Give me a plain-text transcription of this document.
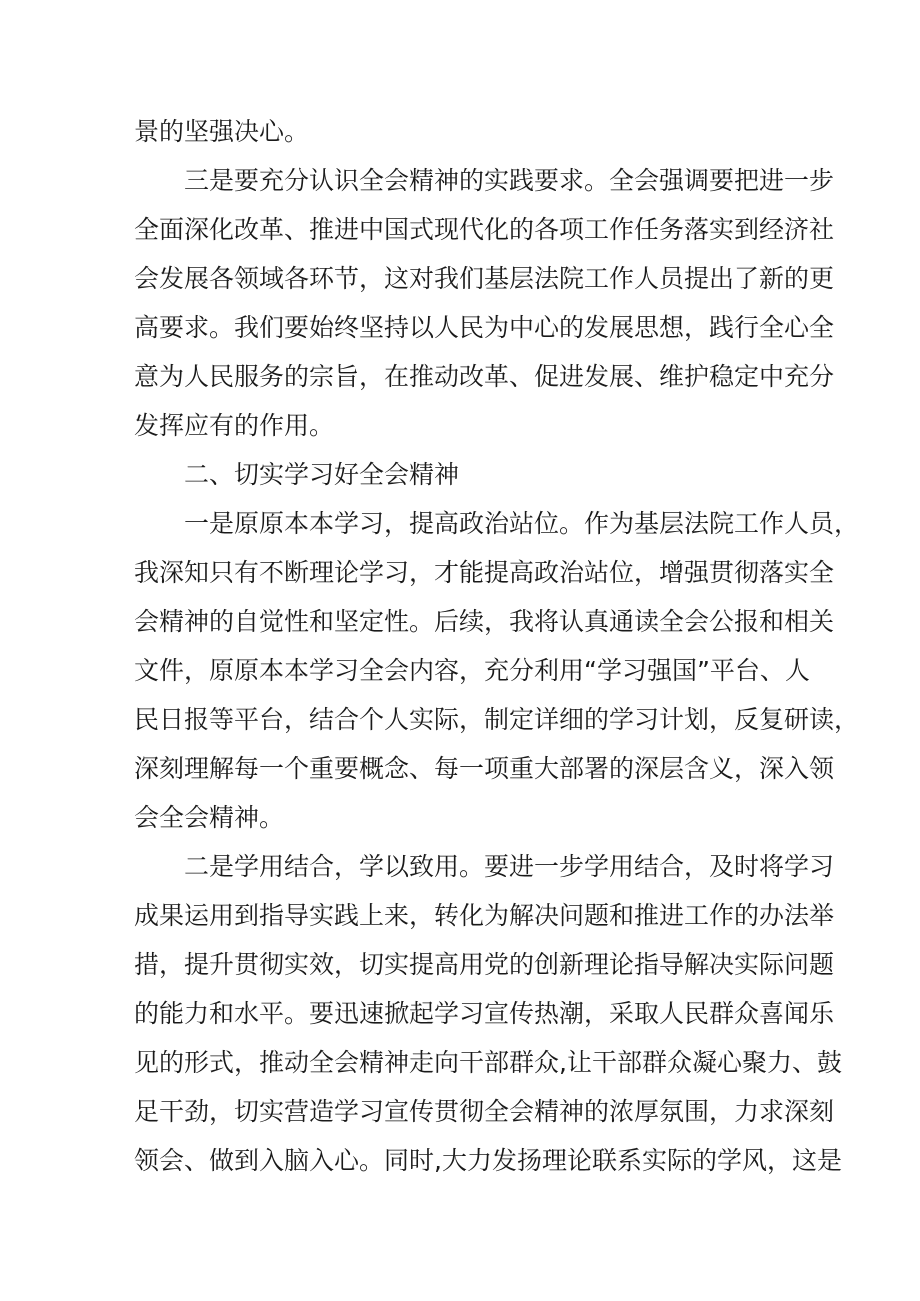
景的坚强决心。
三是要充分认识全会精神的实践要求。全会强调要把进一步
全面深化改革、推进中国式现代化的各项工作任务落实到经济社
会发展各领域各环节，这对我们基层法院工作人员提出了新的更
高要求。我们要始终坚持以人民为中心的发展思想，践行全心全
意为人民服务的宗旨，在推动改革、促进发展、维护稳定中充分
发挥应有的作用。
二、切实学习好全会精神
一是原原本本学习，提高政治站位。作为基层法院工作人员，
我深知只有不断理论学习，才能提高政治站位，增强贯彻落实全
会精神的自觉性和坚定性。后续，我将认真通读全会公报和相关
文件，原原本本学习全会内容，充分利用“学习强国”平台、人
民日报等平台，结合个人实际，制定详细的学习计划，反复研读，
深刻理解每一个重要概念、每一项重大部署的深层含义，深入领
会全会精神。
二是学用结合，学以致用。要进一步学用结合，及时将学习
成果运用到指导实践上来，转化为解决问题和推进工作的办法举
措，提升贯彻实效，切实提高用党的创新理论指导解决实际问题
的能力和水平。要迅速掀起学习宣传热潮，采取人民群众喜闻乐
见的形式，推动全会精神走向干部群众,让干部群众凝心聚力、鼓
足干劲，切实营造学习宣传贯彻全会精神的浓厚氛围，力求深刻
领会、做到入脑入心。同时,大力发扬理论联系实际的学风，这是
